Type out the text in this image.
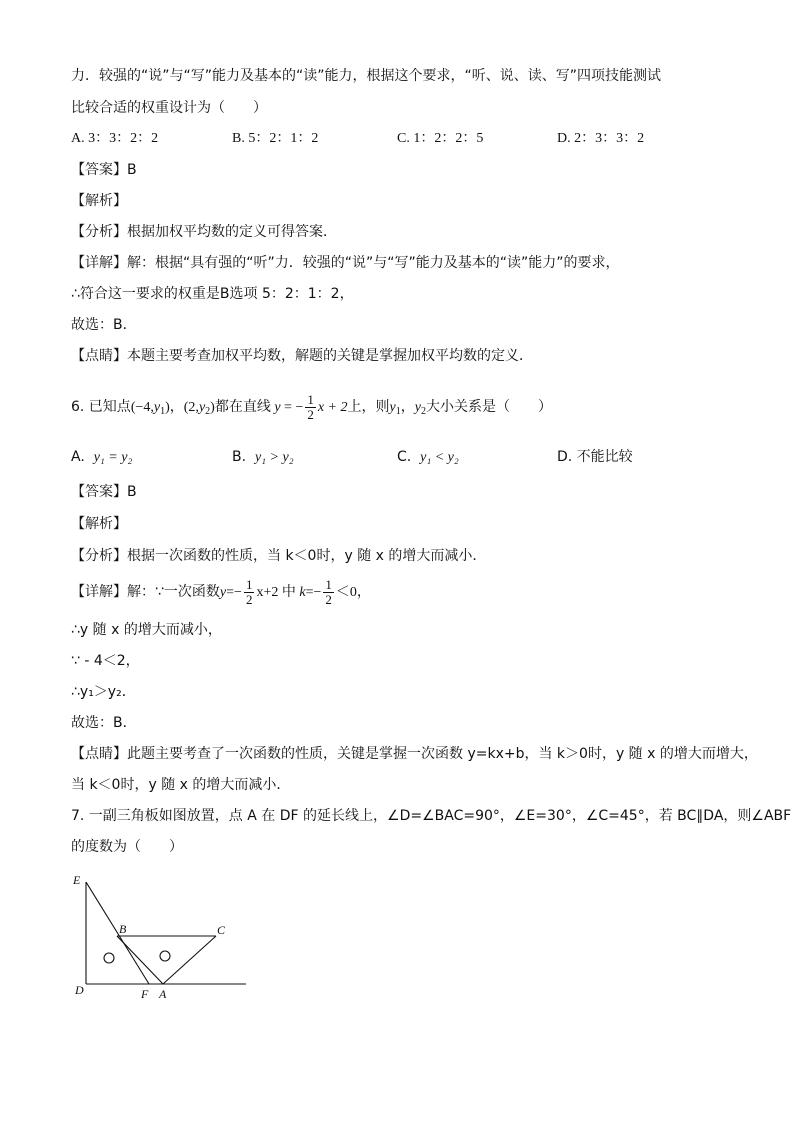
力．较强的“说”与“写”能力及基本的“读”能力，根据这个要求，“听、说、读、写”四项技能测试
比较合适的权重设计为（　　）
A. 3：3：2：2	B. 5：2：1：2	C. 1：2：2：5	D. 2：3：3：2
【答案】B
【解析】
【分析】根据加权平均数的定义可得答案．
【详解】解：根据“具有强的“听”力．较强的“说”与“写”能力及基本的“读”能力”的要求，
∴符合这一要求的权重是B选项 5：2：1：2，
故选：B．
【点睛】本题主要考查加权平均数，解题的关键是掌握加权平均数的定义．
6. 已知点$(-4,y_1)$，$(2,y_2)$都在直线 y = − $\frac{1}{2}$ x + 2上，则$y_1$，$y_2$大小关系是（　　）
A. y₁ = y₂	B. y₁ > y₂	C. y₁ < y₂	D. 不能比较
【答案】B
【解析】
【分析】根据一次函数的性质，当 k＜0时，y 随 x 的增大而减小．
【详解】解：∵一次函数$y=- \frac{1}{2} x+2$ 中 $k=- \frac{1}{2} <0$，
∴y 随 x 的增大而减小，
∵ - 4＜2，
∴y₁＞y₂．
故选：B．
【点睛】此题主要考查了一次函数的性质，关键是掌握一次函数 y=kx+b，当 k＞0时，y 随 x 的增大而增大，
当 k＜0时，y 随 x 的增大而减小．
7. 一副三角板如图放置，点 A 在 DF 的延长线上，∠D=∠BAC=90°，∠E=30°，∠C=45°，若 BC∥DA，则∠ABF
的度数为（　　）
E
B	C
D	F A
